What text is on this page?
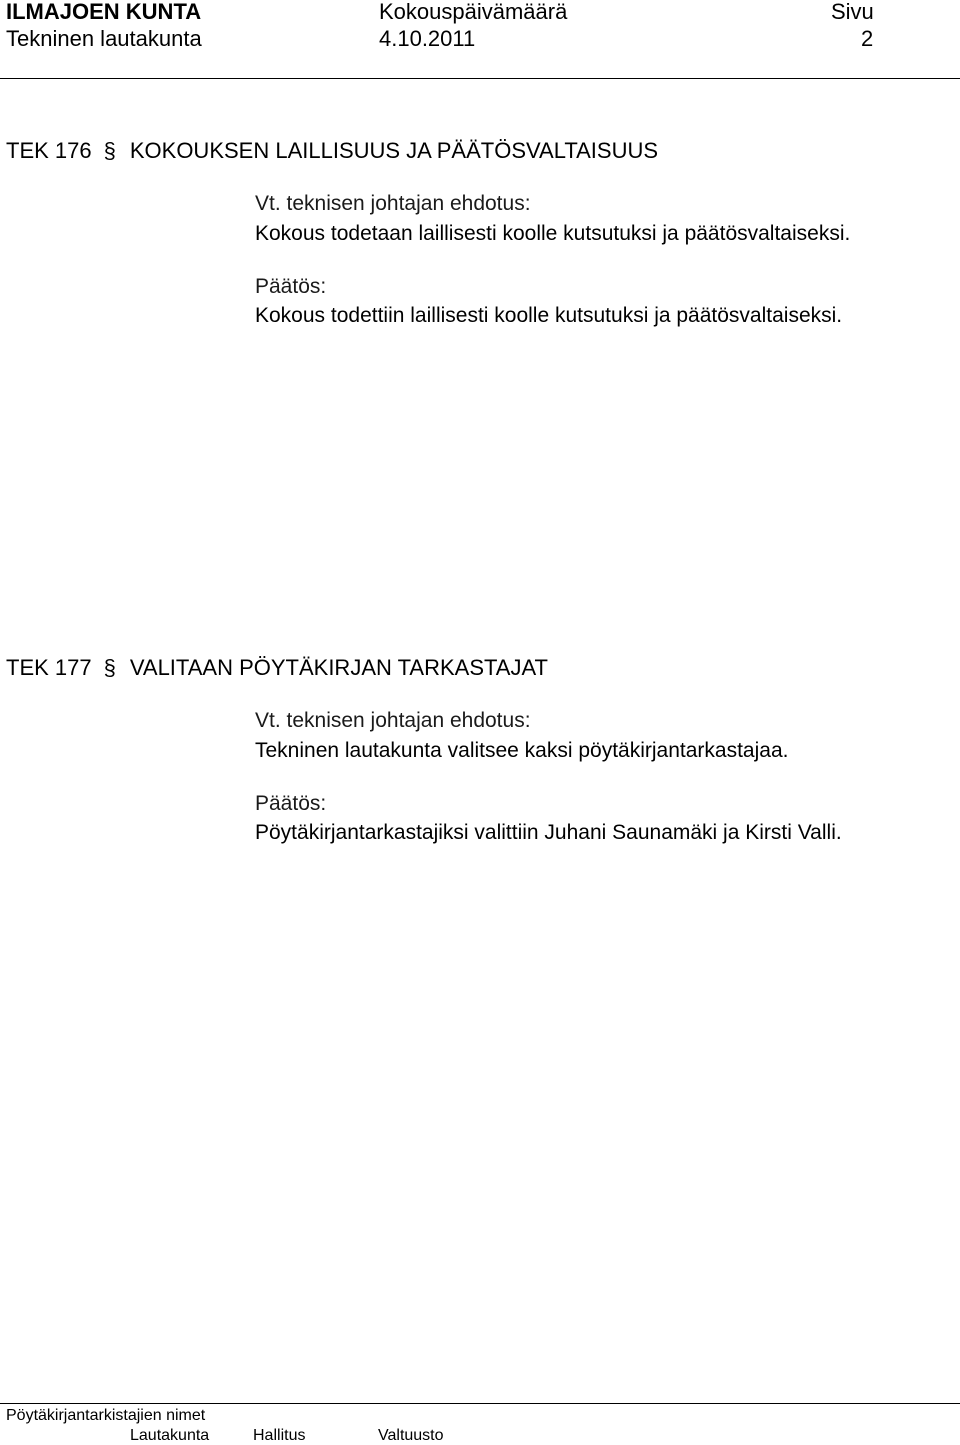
ILMAJOEN KUNTA
Tekninen lautakunta
Kokouspäivämäärä
4.10.2011
Sivu
2
TEK 176 § KOKOUKSEN LAILLISUUS JA PÄÄTÖSVALTAISUUS
Vt. teknisen johtajan ehdotus:
Kokous todetaan laillisesti koolle kutsutuksi ja päätösvaltaiseksi.
Päätös:
Kokous todettiin laillisesti koolle kutsutuksi ja päätösvaltaiseksi.
TEK 177 § VALITAAN PÖYTÄKIRJAN TARKASTAJAT
Vt. teknisen johtajan ehdotus:
Tekninen lautakunta valitsee kaksi pöytäkirjantarkastajaa.
Päätös:
Pöytäkirjantarkastajiksi valittiin Juhani Saunamäki ja Kirsti Valli.
Pöytäkirjantarkistajien nimet
Lautakunta	Hallitus	Valtuusto
